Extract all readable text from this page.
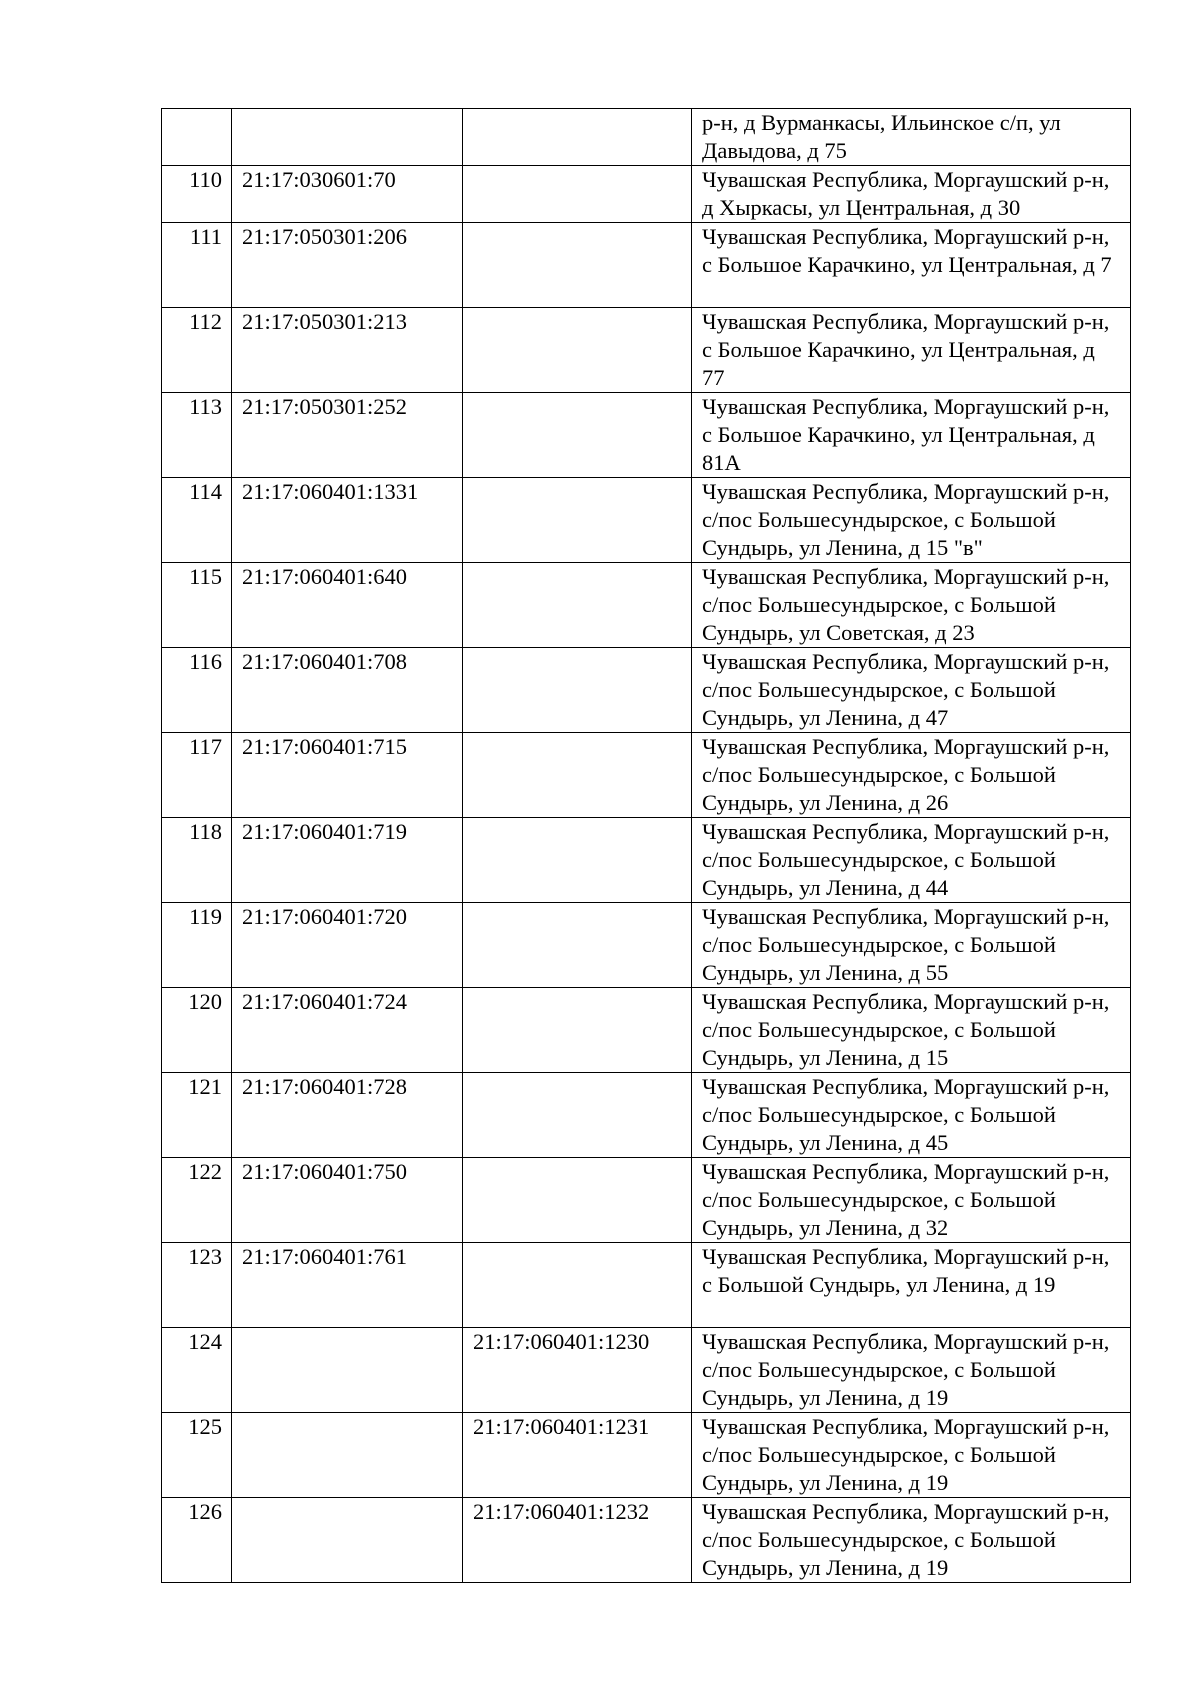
			р-н, д Вурманкасы, Ильинское с/п, ул Давыдова, д 75
110	21:17:030601:70		Чувашская Республика, Моргаушский р-н, д Хыркасы, ул Центральная, д 30
111	21:17:050301:206		Чувашская Республика, Моргаушский р-н, с Большое Карачкино, ул Центральная, д 7
112	21:17:050301:213		Чувашская Республика, Моргаушский р-н, с Большое Карачкино, ул Центральная, д 77
113	21:17:050301:252		Чувашская Республика, Моргаушский р-н, с Большое Карачкино, ул Центральная, д 81А
114	21:17:060401:1331		Чувашская Республика, Моргаушский р-н, с/пос Большесундырское, с Большой Сундырь, ул Ленина, д 15 "в"
115	21:17:060401:640		Чувашская Республика, Моргаушский р-н, с/пос Большесундырское, с Большой Сундырь, ул Советская, д 23
116	21:17:060401:708		Чувашская Республика, Моргаушский р-н, с/пос Большесундырское, с Большой Сундырь, ул Ленина, д 47
117	21:17:060401:715		Чувашская Республика, Моргаушский р-н, с/пос Большесундырское, с Большой Сундырь, ул Ленина, д 26
118	21:17:060401:719		Чувашская Республика, Моргаушский р-н, с/пос Большесундырское, с Большой Сундырь, ул Ленина, д 44
119	21:17:060401:720		Чувашская Республика, Моргаушский р-н, с/пос Большесундырское, с Большой Сундырь, ул Ленина, д 55
120	21:17:060401:724		Чувашская Республика, Моргаушский р-н, с/пос Большесундырское, с Большой Сундырь, ул Ленина, д 15
121	21:17:060401:728		Чувашская Республика, Моргаушский р-н, с/пос Большесундырское, с Большой Сундырь, ул Ленина, д 45
122	21:17:060401:750		Чувашская Республика, Моргаушский р-н, с/пос Большесундырское, с Большой Сундырь, ул Ленина, д 32
123	21:17:060401:761		Чувашская Республика, Моргаушский р-н, с Большой Сундырь, ул Ленина, д 19
124		21:17:060401:1230	Чувашская Республика, Моргаушский р-н, с/пос Большесундырское, с Большой Сундырь, ул Ленина, д 19
125		21:17:060401:1231	Чувашская Республика, Моргаушский р-н, с/пос Большесундырское, с Большой Сундырь, ул Ленина, д 19
126		21:17:060401:1232	Чувашская Республика, Моргаушский р-н, с/пос Большесундырское, с Большой Сундырь, ул Ленина, д 19
